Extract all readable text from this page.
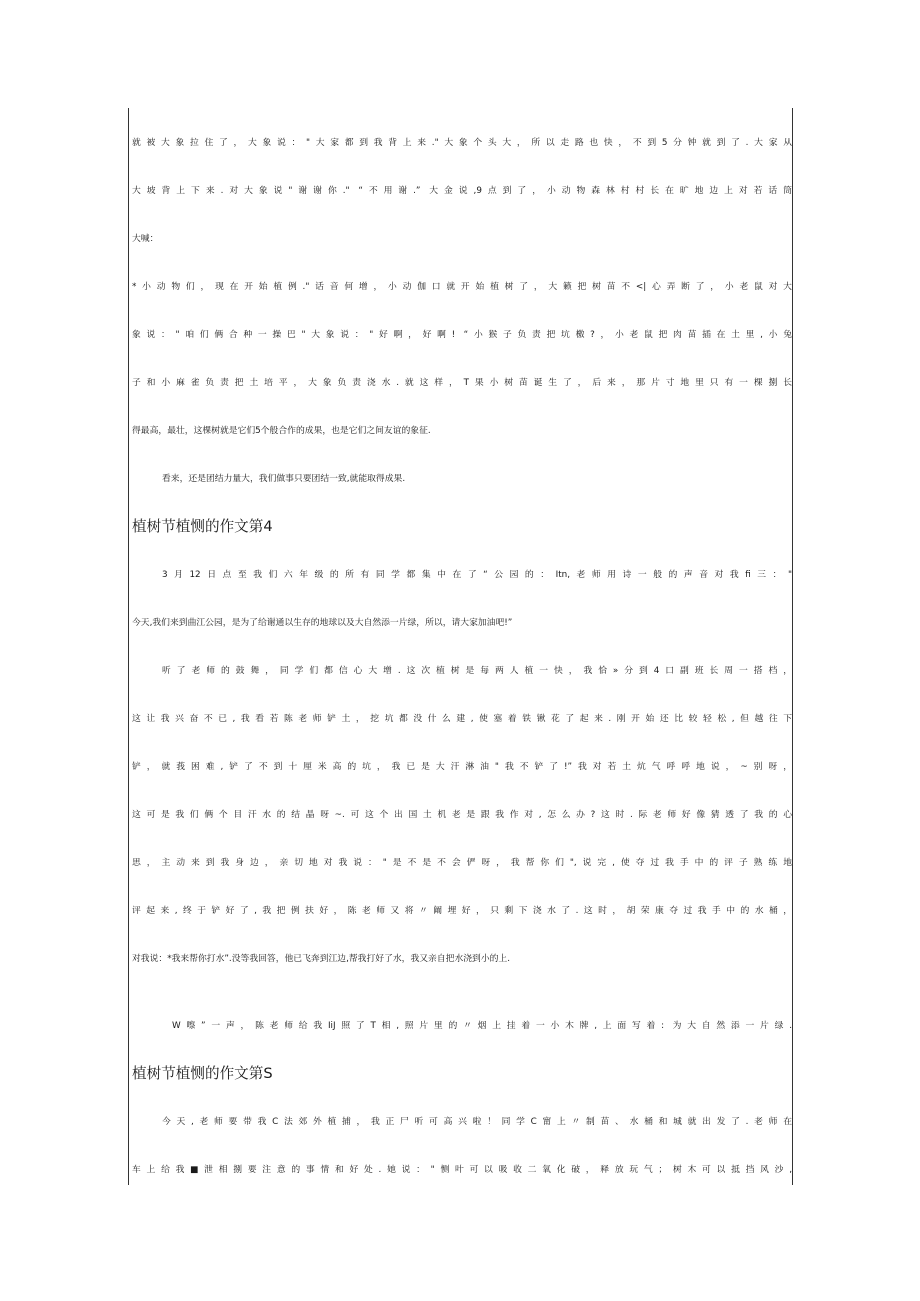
就被大象拉住了，大象说："大家都到我背上来."大象个头大，所以走路也快，不到5分钟就到了.大家从
大坡背上下来.对大象说"谢谢你." “不用谢.” 大金说,9点到了，小动物森林村村长在旷地边上对若话筒
大喊：
*小动物们，现在开始植例."话音何增，小动伽口就开始植树了，大籁把树苗不<|心弄断了，小老鼠对大
象说："咱们俩合种一操巴"大象说："好啊，好啊! “小猴子负责把坑檄?，小老鼠把肉苗插在土里,小兔
子和小麻雀负责把土培平，大象负责浇水.就这样，T果小树苗诞生了，后来，那片寸地里只有一棵捌长
得最高，最壮，这棵树就是它们5个般合作的成果，也是它们之间友谊的象征.
看来，还是团结力量大，我们做事只要团结一致,就能取得成果.
植树节植恻的作文第4
3月12日点至我们六年级的所有同学都集中在了“公园的：Itn,老师用诗一般的声音对我fi三："
今天,我们来到曲江公园，是为了给谢通以生存的地球以及大自然添一片绿，所以，请大家加油吧!”
听了老师的鼓舞，同学们都信心大增.这次植树是每两人植一快，我恰»分到4口副班长周一搭档，
这让我兴奋不已,我看若陈老师铲土，挖坑都没什么建,使塞着铁锹花了起来.刚开始还比较轻松,但越往下
铲，就莪困难,铲了不到十厘米高的坑，我已是大汗淋油"我不铲了!”我对若土炕气呼呼地说，~别呀，
这可是我们俩个目汗水的结晶呀~.可这个出国土机老是跟我作对,怎么办?这时.际老师好像猜透了我的心
思，主动来到我身边，亲切地对我说："是不是不会俨呀，我帮你们",说完,使夺过我手中的评子熟练地
评起来,终于铲好了,我把例扶好，陈老师又将〃阚埋好，只剩下浇水了.这时，胡荣康夺过我手中的水桶，
对我说：*我来帮你打水”.没等我回答，他已飞奔到江边,帮我打好了水，我又亲自把水浇到小的上.
W嚓”一声，陈老师给我IiJ照了T相,照片里的〃烟上挂着一小木牌,上面写着: 为大自然添一片绿.
植树节植恻的作文第S
今天,老师要带我C法郊外植捕，我正尸听可高兴啦！同学C甯上〃制苗、水桶和城就出发了.老师在
车上给我■泄相捌要注意的事情和好处.她说："恻叶可以吸收二氧化破，释放玩气；树木可以抵挡风沙,
